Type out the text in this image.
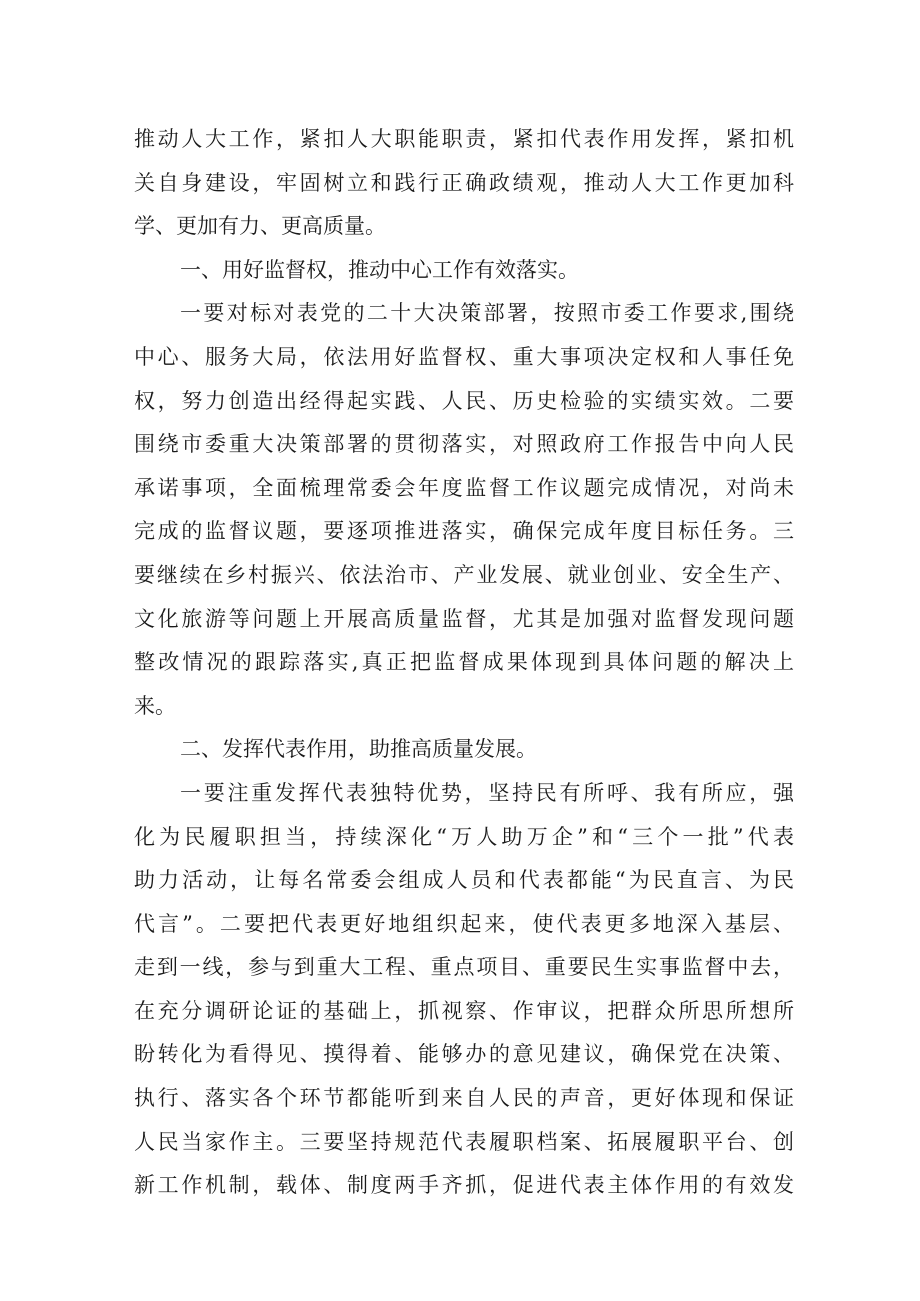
推动人大工作，紧扣人大职能职责，紧扣代表作用发挥，紧扣机
关自身建设，牢固树立和践行正确政绩观，推动人大工作更加科
学、更加有力、更高质量。
一、用好监督权，推动中心工作有效落实。
一要对标对表党的二十大决策部署，按照市委工作要求,围绕
中心、服务大局，依法用好监督权、重大事项决定权和人事任免
权，努力创造出经得起实践、人民、历史检验的实绩实效。二要
围绕市委重大决策部署的贯彻落实，对照政府工作报告中向人民
承诺事项，全面梳理常委会年度监督工作议题完成情况，对尚未
完成的监督议题，要逐项推进落实，确保完成年度目标任务。三
要继续在乡村振兴、依法治市、产业发展、就业创业、安全生产、
文化旅游等问题上开展高质量监督，尤其是加强对监督发现问题
整改情况的跟踪落实,真正把监督成果体现到具体问题的解决上
来。
二、发挥代表作用，助推高质量发展。
一要注重发挥代表独特优势，坚持民有所呼、我有所应，强
化为民履职担当，持续深化“万人助万企”和“三个一批”代表
助力活动，让每名常委会组成人员和代表都能“为民直言、为民
代言”。二要把代表更好地组织起来，使代表更多地深入基层、
走到一线，参与到重大工程、重点项目、重要民生实事监督中去，
在充分调研论证的基础上，抓视察、作审议，把群众所思所想所
盼转化为看得见、摸得着、能够办的意见建议，确保党在决策、
执行、落实各个环节都能听到来自人民的声音，更好体现和保证
人民当家作主。三要坚持规范代表履职档案、拓展履职平台、创
新工作机制，载体、制度两手齐抓，促进代表主体作用的有效发
